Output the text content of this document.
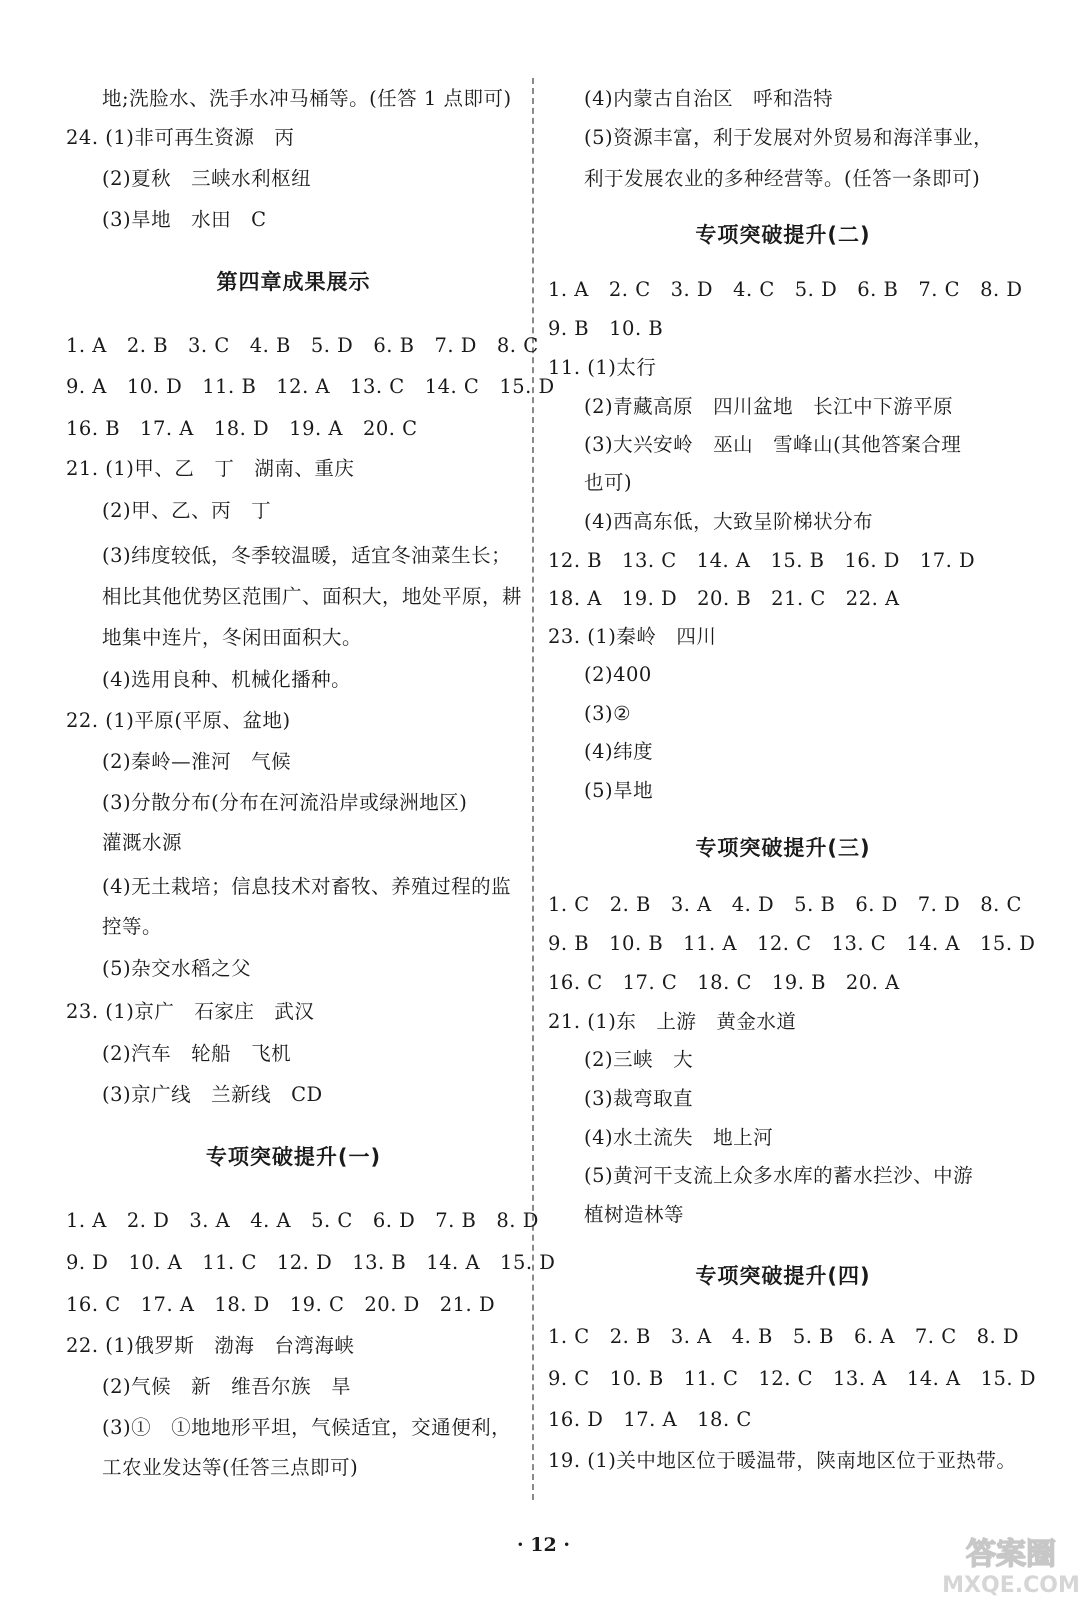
地;洗脸水、洗手水冲马桶等。(任答 1 点即可)
24. (1)非可再生资源　丙
(2)夏秋　三峡水利枢纽
(3)旱地　水田　C
第四章成果展示
1. A　2. B　3. C　4. B　5. D　6. B　7. D　8. C
9. A　10. D　11. B　12. A　13. C　14. C　15. D
16. B　17. A　18. D　19. A　20. C
21. (1)甲、乙　丁　湖南、重庆
(2)甲、乙、丙　丁
(3)纬度较低，冬季较温暖，适宜冬油菜生长；
相比其他优势区范围广、面积大，地处平原，耕
地集中连片，冬闲田面积大。
(4)选用良种、机械化播种。
22. (1)平原(平原、盆地)
(2)秦岭—淮河　气候
(3)分散分布(分布在河流沿岸或绿洲地区)
灌溉水源
(4)无土栽培；信息技术对畜牧、养殖过程的监
控等。
(5)杂交水稻之父
23. (1)京广　石家庄　武汉
(2)汽车　轮船　飞机
(3)京广线　兰新线　CD
专项突破提升(一)
1. A　2. D　3. A　4. A　5. C　6. D　7. B　8. D
9. D　10. A　11. C　12. D　13. B　14. A　15. D
16. C　17. A　18. D　19. C　20. D　21. D
22. (1)俄罗斯　渤海　台湾海峡
(2)气候　新　维吾尔族　旱
(3)①　①地地形平坦，气候适宜，交通便利，
工农业发达等(任答三点即可)
(4)内蒙古自治区　呼和浩特
(5)资源丰富，利于发展对外贸易和海洋事业，
利于发展农业的多种经营等。(任答一条即可)
专项突破提升(二)
1. A　2. C　3. D　4. C　5. D　6. B　7. C　8. D
9. B　10. B
11. (1)太行
(2)青藏高原　四川盆地　长江中下游平原
(3)大兴安岭　巫山　雪峰山(其他答案合理
也可)
(4)西高东低，大致呈阶梯状分布
12. B　13. C　14. A　15. B　16. D　17. D
18. A　19. D　20. B　21. C　22. A
23. (1)秦岭　四川
(2)400
(3)②
(4)纬度
(5)旱地
专项突破提升(三)
1. C　2. B　3. A　4. D　5. B　6. D　7. D　8. C
9. B　10. B　11. A　12. C　13. C　14. A　15. D
16. C　17. C　18. C　19. B　20. A
21. (1)东　上游　黄金水道
(2)三峡　大
(3)裁弯取直
(4)水土流失　地上河
(5)黄河干支流上众多水库的蓄水拦沙、中游
植树造林等
专项突破提升(四)
1. C　2. B　3. A　4. B　5. B　6. A　7. C　8. D
9. C　10. B　11. C　12. C　13. A　14. A　15. D
16. D　17. A　18. C
19. (1)关中地区位于暖温带，陕南地区位于亚热带。
· 12 ·	答案圈
MXQE.COM
